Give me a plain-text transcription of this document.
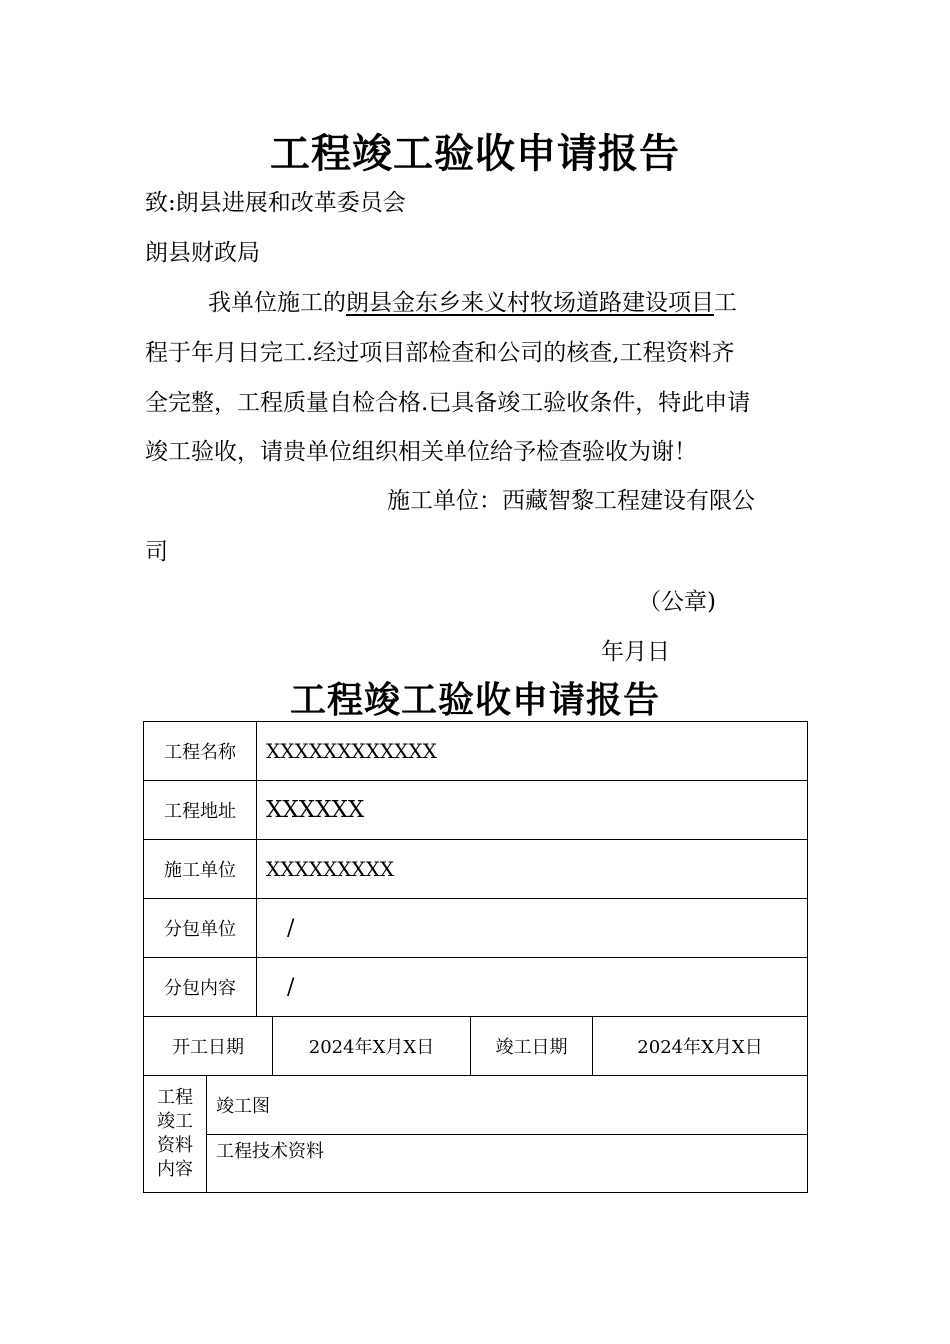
工程竣工验收申请报告
致:朗县进展和改革委员会
朗县财政局
我单位施工的朗县金东乡来义村牧场道路建设项目工
程于年月日完工.经过项目部检查和公司的核查,工程资料齐
全完整，工程质量自检合格.已具备竣工验收条件，特此申请
竣工验收，请贵单位组织相关单位给予检查验收为谢！
施工单位：西藏智黎工程建设有限公
司
（公章)
年月日
工程竣工验收申请报告
工程名称		XXXXXXXXXXXX			
工程地址		XXXXXX			
施工单位		XXXXXXXXX			
分包单位		/			
分包内容		/			
开工日期			2024年X月X日	竣工日期	2024年X月X日

工程
竣工
资料
内容	竣工图				
	工程技术资料				
